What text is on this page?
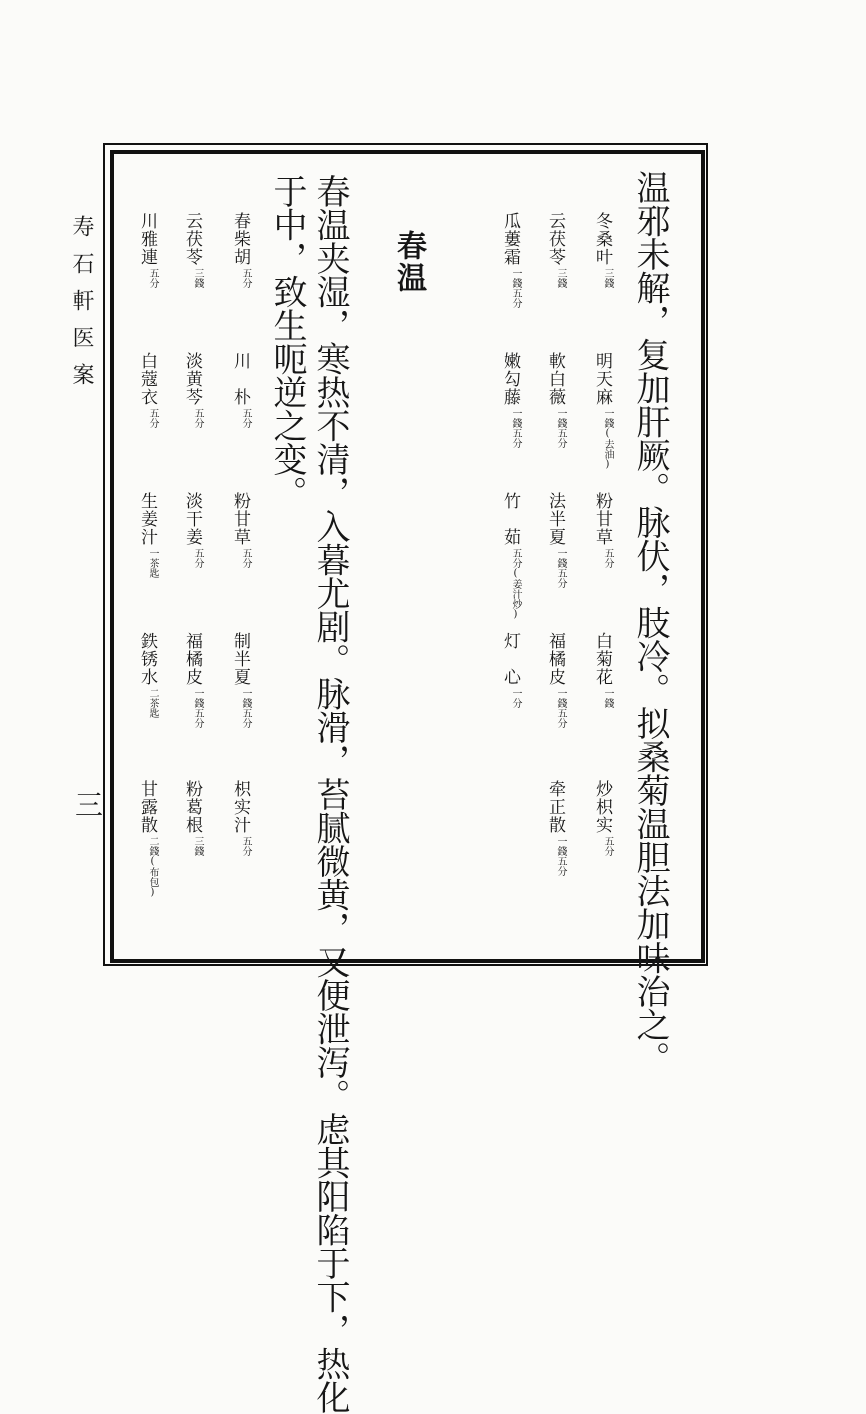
寿石軒医案
三	温邪未解，复加肝厥。脉伏，肢冷。拟桑菊温胆法加味治之。
春温
春温夹湿，寒热不清，入暮尤剧。脉滑，苔腻微黄，又便泄泻。虑其阳陷于下，热化
于中，致生呃逆之变。	冬桑叶
三錢
明天麻
一錢
(去油)
粉甘草
五分
白菊花
一錢
炒枳实
五分
云茯苓
三錢
軟白薇
一錢五分
法半夏
一錢五分
福橘皮
一錢五分
牵正散
一錢五分
瓜蔞霜
一錢五分
嫩勾藤
一錢五分
竹　茹
五分
(姜汁炒)
灯　心
一分
春柴胡
五分
川　朴
五分
粉甘草
五分
制半夏
一錢五分
枳实汁
五分
云茯苓
三錢
淡黄芩
五分
淡干姜
五分
福橘皮
一錢五分
粉葛根
三錢
川雅連
五分
白蔻衣
五分
生姜汁
一茶匙
鉄锈水
二茶匙
甘露散
二錢
(布包)
